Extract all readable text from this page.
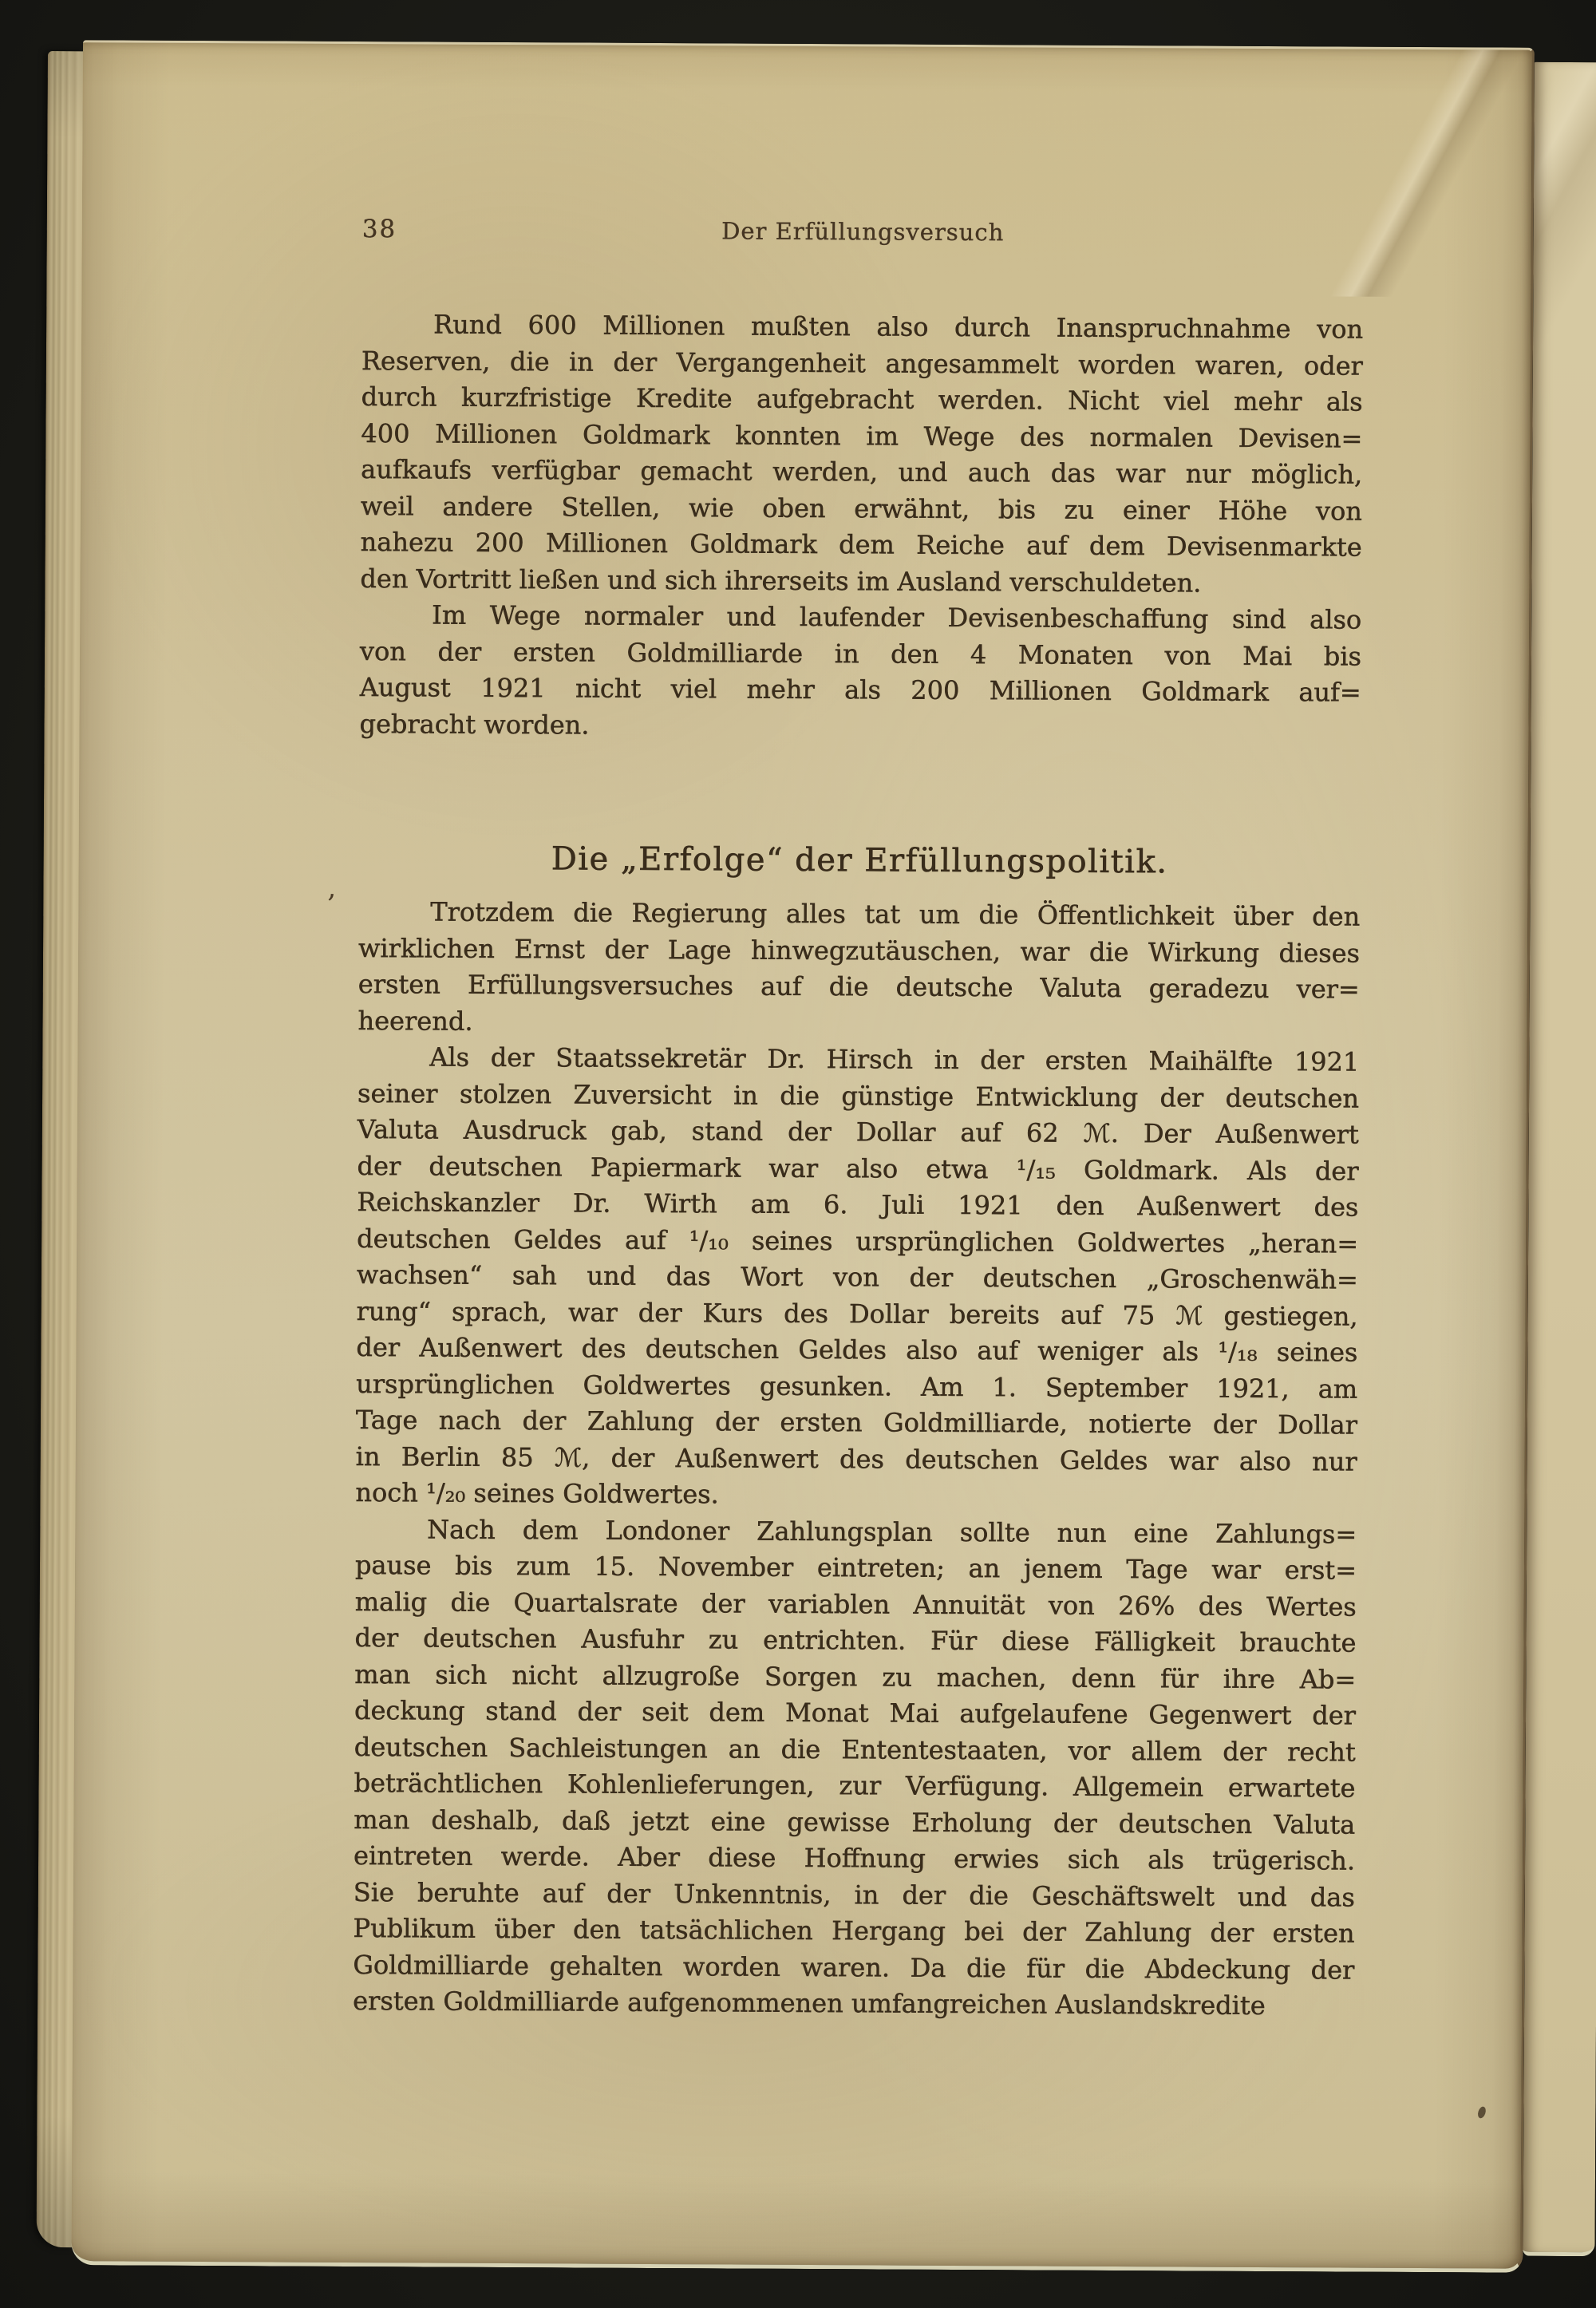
38	Der Erfüllungsversuch
,
Rund 600 Millionen mußten also durch Inanspruchnahme von
Reserven, die in der Vergangenheit angesammelt worden waren, oder
durch kurzfristige Kredite aufgebracht werden. Nicht viel mehr als
400 Millionen Goldmark konnten im Wege des normalen Devisen=
aufkaufs verfügbar gemacht werden, und auch das war nur möglich,
weil andere Stellen, wie oben erwähnt, bis zu einer Höhe von
nahezu 200 Millionen Goldmark dem Reiche auf dem Devisenmarkte
den Vortritt ließen und sich ihrerseits im Ausland verschuldeten.
Im Wege normaler und laufender Devisenbeschaffung sind also
von der ersten Goldmilliarde in den 4 Monaten von Mai bis
August 1921 nicht viel mehr als 200 Millionen Goldmark auf=
gebracht worden.
Die „Erfolge“ der Erfüllungspolitik.
Trotzdem die Regierung alles tat um die Öffentlichkeit über den
wirklichen Ernst der Lage hinwegzutäuschen, war die Wirkung dieses
ersten Erfüllungsversuches auf die deutsche Valuta geradezu ver=
heerend.
Als der Staatssekretär Dr. Hirsch in der ersten Maihälfte 1921
seiner stolzen Zuversicht in die günstige Entwicklung der deutschen
Valuta Ausdruck gab, stand der Dollar auf 62 ℳ. Der Außenwert
der deutschen Papiermark war also etwa ¹/₁₅ Goldmark. Als der
Reichskanzler Dr. Wirth am 6. Juli 1921 den Außenwert des
deutschen Geldes auf ¹/₁₀ seines ursprünglichen Goldwertes „heran=
wachsen“ sah und das Wort von der deutschen „Groschenwäh=
rung“ sprach, war der Kurs des Dollar bereits auf 75 ℳ gestiegen,
der Außenwert des deutschen Geldes also auf weniger als ¹/₁₈ seines
ursprünglichen Goldwertes gesunken. Am 1. September 1921, am
Tage nach der Zahlung der ersten Goldmilliarde, notierte der Dollar
in Berlin 85 ℳ, der Außenwert des deutschen Geldes war also nur
noch ¹/₂₀ seines Goldwertes.
Nach dem Londoner Zahlungsplan sollte nun eine Zahlungs=
pause bis zum 15. November eintreten; an jenem Tage war erst=
malig die Quartalsrate der variablen Annuität von 26% des Wertes
der deutschen Ausfuhr zu entrichten. Für diese Fälligkeit brauchte
man sich nicht allzugroße Sorgen zu machen, denn für ihre Ab=
deckung stand der seit dem Monat Mai aufgelaufene Gegenwert der
deutschen Sachleistungen an die Ententestaaten, vor allem der recht
beträchtlichen Kohlenlieferungen, zur Verfügung. Allgemein erwartete
man deshalb, daß jetzt eine gewisse Erholung der deutschen Valuta
eintreten werde. Aber diese Hoffnung erwies sich als trügerisch.
Sie beruhte auf der Unkenntnis, in der die Geschäftswelt und das
Publikum über den tatsächlichen Hergang bei der Zahlung der ersten
Goldmilliarde gehalten worden waren. Da die für die Abdeckung der
ersten Goldmilliarde aufgenommenen umfangreichen Auslandskredite
